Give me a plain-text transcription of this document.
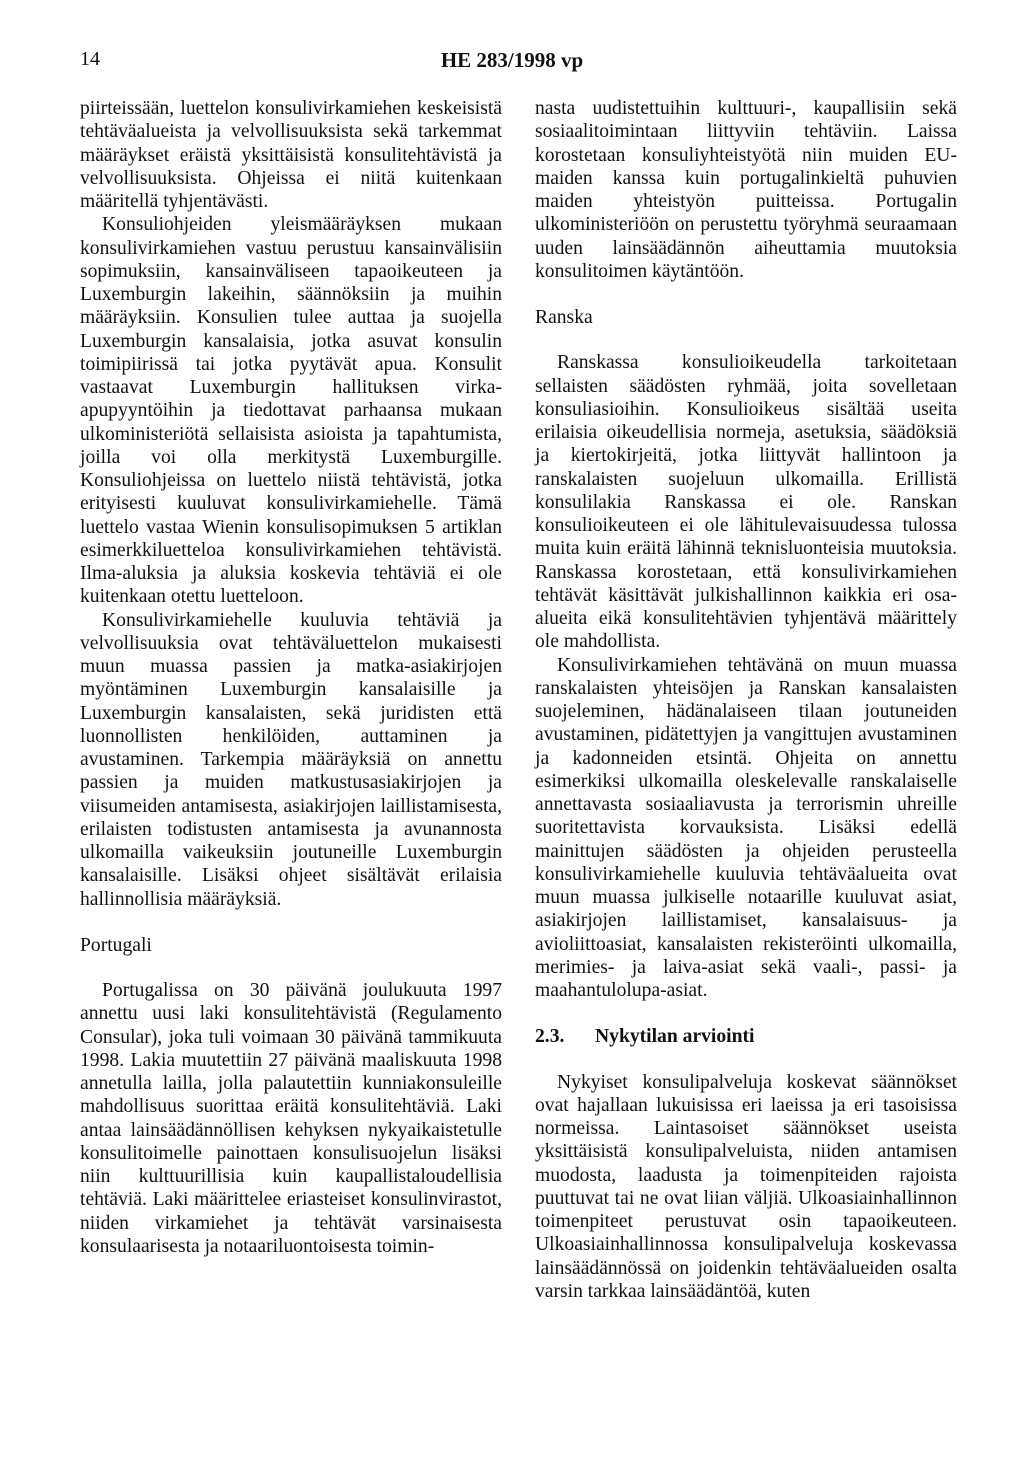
14	HE 283/1998 vp

piirteissään, luettelon konsulivirkamiehen keskeisistä tehtäväalueista ja velvollisuuksista sekä tarkemmat määräykset eräistä yksittäisistä konsulitehtävistä ja velvollisuuksista. Ohjeissa ei niitä kuitenkaan määritellä tyhjentävästi.

Konsuliohjeiden yleismääräyksen mukaan konsulivirkamiehen vastuu perustuu kansainvälisiin sopimuksiin, kansainväliseen tapaoikeuteen ja Luxemburgin lakeihin, säännöksiin ja muihin määräyksiin. Konsulien tulee auttaa ja suojella Luxemburgin kansalaisia, jotka asuvat konsulin toimipiirissä tai jotka pyytävät apua. Konsulit vastaavat Luxemburgin hallituksen virka-apupyyntöihin ja tiedottavat parhaansa mukaan ulkoministeriötä sellaisista asioista ja tapahtumista, joilla voi olla merkitystä Luxemburgille. Konsuliohjeissa on luettelo niistä tehtävistä, jotka erityisesti kuuluvat konsulivirkamiehelle. Tämä luettelo vastaa Wienin konsulisopimuksen 5 artiklan esimerkkiluetteloa konsulivirkamiehen tehtävistä. Ilma-aluksia ja aluksia koskevia tehtäviä ei ole kuitenkaan otettu luetteloon.

Konsulivirkamiehelle kuuluvia tehtäviä ja velvollisuuksia ovat tehtäväluettelon mukaisesti muun muassa passien ja matka-asiakirjojen myöntäminen Luxemburgin kansalaisille ja Luxemburgin kansalaisten, sekä juridisten että luonnollisten henkilöiden, auttaminen ja avustaminen. Tarkempia määräyksiä on annettu passien ja muiden matkustusasiakirjojen ja viisumeiden antamisesta, asiakirjojen laillistamisesta, erilaisten todistusten antamisesta ja avunannosta ulkomailla vaikeuksiin joutuneille Luxemburgin kansalaisille. Lisäksi ohjeet sisältävät erilaisia hallinnollisia määräyksiä.

Portugali

Portugalissa on 30 päivänä joulukuuta 1997 annettu uusi laki konsulitehtävistä (Regulamento Consular), joka tuli voimaan 30 päivänä tammikuuta 1998. Lakia muutettiin 27 päivänä maaliskuuta 1998 annetulla lailla, jolla palautettiin kunniakonsuleille mahdollisuus suorittaa eräitä konsulitehtäviä. Laki antaa lainsäädännöllisen kehyksen nykyaikaistetulle konsulitoimelle painottaen konsulisuojelun lisäksi niin kulttuurillisia kuin kaupallistaloudellisia tehtäviä. Laki määrittelee eriasteiset konsulinvirastot, niiden virkamiehet ja tehtävät varsinaisesta konsulaarisesta ja notaariluontoisesta toimin-

nasta uudistettuihin kulttuuri-, kaupallisiin sekä sosiaalitoimintaan liittyviin tehtäviin. Laissa korostetaan konsuliyhteistyötä niin muiden EU-maiden kanssa kuin portugalinkieltä puhuvien maiden yhteistyön puitteissa. Portugalin ulkoministeriöön on perustettu työryhmä seuraamaan uuden lainsäädännön aiheuttamia muutoksia konsulitoimen käytäntöön.

Ranska

Ranskassa konsulioikeudella tarkoitetaan sellaisten säädösten ryhmää, joita sovelletaan konsuliasioihin. Konsulioikeus sisältää useita erilaisia oikeudellisia normeja, asetuksia, säädöksiä ja kiertokirjeitä, jotka liittyvät hallintoon ja ranskalaisten suojeluun ulkomailla. Erillistä konsulilakia Ranskassa ei ole. Ranskan konsulioikeuteen ei ole lähitulevaisuudessa tulossa muita kuin eräitä lähinnä teknisluonteisia muutoksia. Ranskassa korostetaan, että konsulivirkamiehen tehtävät käsittävät julkishallinnon kaikkia eri osa-alueita eikä konsulitehtävien tyhjentävä määrittely ole mahdollista.

Konsulivirkamiehen tehtävänä on muun muassa ranskalaisten yhteisöjen ja Ranskan kansalaisten suojeleminen, hädänalaiseen tilaan joutuneiden avustaminen, pidätettyjen ja vangittujen avustaminen ja kadonneiden etsintä. Ohjeita on annettu esimerkiksi ulkomailla oleskelevalle ranskalaiselle annettavasta sosiaaliavusta ja terrorismin uhreille suoritettavista korvauksista. Lisäksi edellä mainittujen säädösten ja ohjeiden perusteella konsulivirkamiehelle kuuluvia tehtäväalueita ovat muun muassa julkiselle notaarille kuuluvat asiat, asiakirjojen laillistamiset, kansalaisuus- ja avioliittoasiat, kansalaisten rekisteröinti ulkomailla, merimies- ja laiva-asiat sekä vaali-, passi- ja maahantulolupa-asiat.

2.3.	Nykytilan arviointi

Nykyiset konsulipalveluja koskevat säännökset ovat hajallaan lukuisissa eri laeissa ja eri tasoisissa normeissa. Laintasoiset säännökset useista yksittäisistä konsulipalveluista, niiden antamisen muodosta, laadusta ja toimenpiteiden rajoista puuttuvat tai ne ovat liian väljiä. Ulkoasiainhallinnon toimenpiteet perustuvat osin tapaoikeuteen. Ulkoasiainhallinnossa konsulipalveluja koskevassa lainsäädännössä on joidenkin tehtäväalueiden osalta varsin tarkkaa lainsäädäntöä, kuten
